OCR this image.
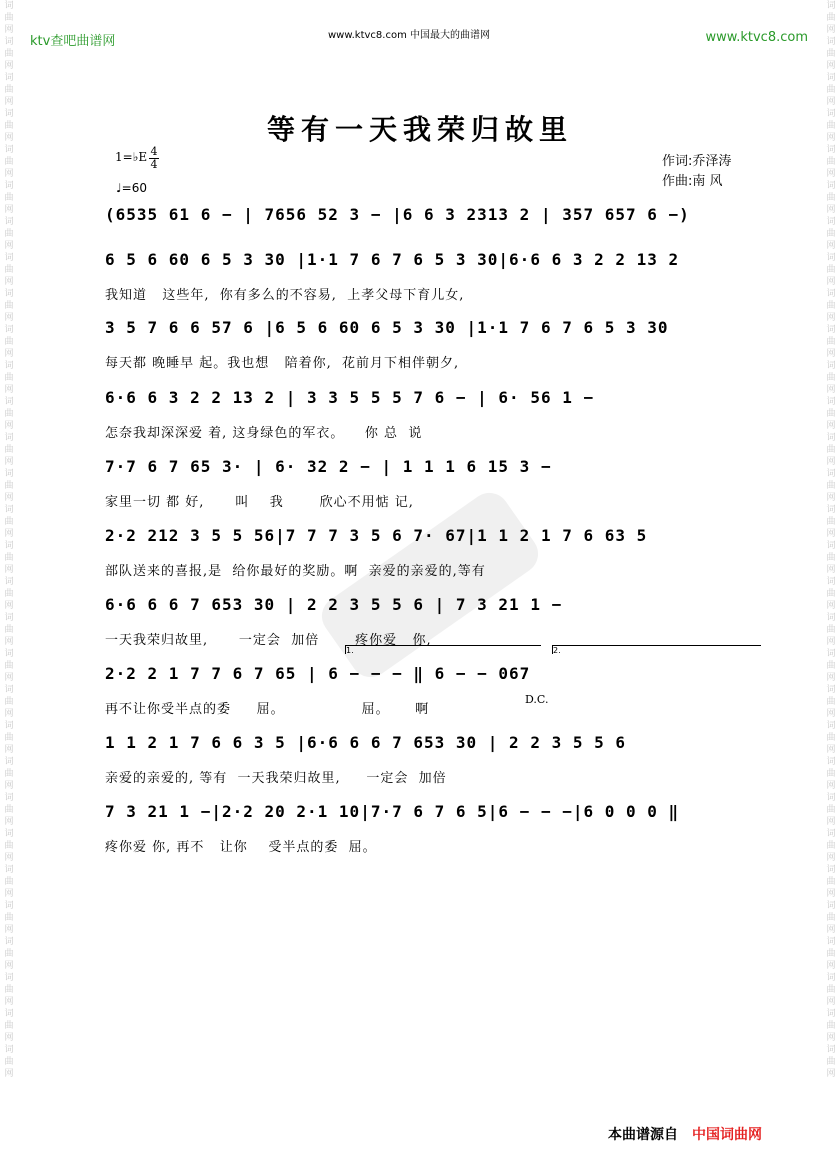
词曲网词曲网词曲网词曲网词曲网词曲网词曲网词曲网词曲网词曲网词曲网词曲网词曲网词曲网词曲网词曲网词曲网词曲网词曲网词曲网词曲网词曲网词曲网词曲网词曲网词曲网词曲网词曲网词曲网词曲网
词曲网词曲网词曲网词曲网词曲网词曲网词曲网词曲网词曲网词曲网词曲网词曲网词曲网词曲网词曲网词曲网词曲网词曲网词曲网词曲网词曲网词曲网词曲网词曲网词曲网词曲网词曲网词曲网词曲网词曲网
ktv查吧曲谱网	www.ktvc8.com 中国最大的曲谱网	www.ktvc8.com
等有一天我荣归故里
1=♭E 4
4
♩=60
作词:乔泽涛
作曲:南 风
(6535 61 6 − | 7656 52 3 − |6 6 3 2313 2 | 357 657 6 −)
6 5 6 60 6 5 3 30 |1·1 7 6 7 6 5 3 30|6·6 6 3 2 2 13 2
我知道   这些年,  你有多么的不容易,  上孝父母下育儿女,
3 5 7 6 6 57 6 |6 5 6 60 6 5 3 30 |1·1 7 6 7 6 5 3 30
每天都 晚睡早 起。我也想   陪着你,  花前月下相伴朝夕,
6·6 6 3 2 2 13 2 | 3 3 5 5 5 7 6 − | 6· 56 1 −
怎奈我却深深爱 着, 这身绿色的军衣。    你 总  说
7·7 6 7 65 3· | 6· 32 2 − | 1 1 1 6 15 3 −
家里一切 都 好,      叫    我       欣心不用惦 记,
2·2 212 3 5 5 56|7 7 7 3 5 6 7· 67|1 1 2 1 7 6 63 5
部队送来的喜报,是  给你最好的奖励。啊  亲爱的亲爱的,等有
6·6 6 6 7 653 30 | 2 2 3 5 5 6 | 7 3 21 1 −
一天我荣归故里,      一定会  加倍       疼你爱   你,
1.	2.
2·2 2 1 7 7 6 7 65 | 6 − − − ‖ 6 − − 067
再不让你受半点的委     屈。               屈。     啊
D.C.
1 1 2 1 7 6 6 3 5 |6·6 6 6 7 653 30 | 2 2 3 5 5 6
亲爱的亲爱的, 等有  一天我荣归故里,     一定会  加倍
7 3 21 1 −|2·2 20 2·1 10|7·7 6 7 6 5|6 − − −|6 0 0 0 ‖
疼你爱 你, 再不   让你    受半点的委  屈。
本曲谱源自 中国词曲网
